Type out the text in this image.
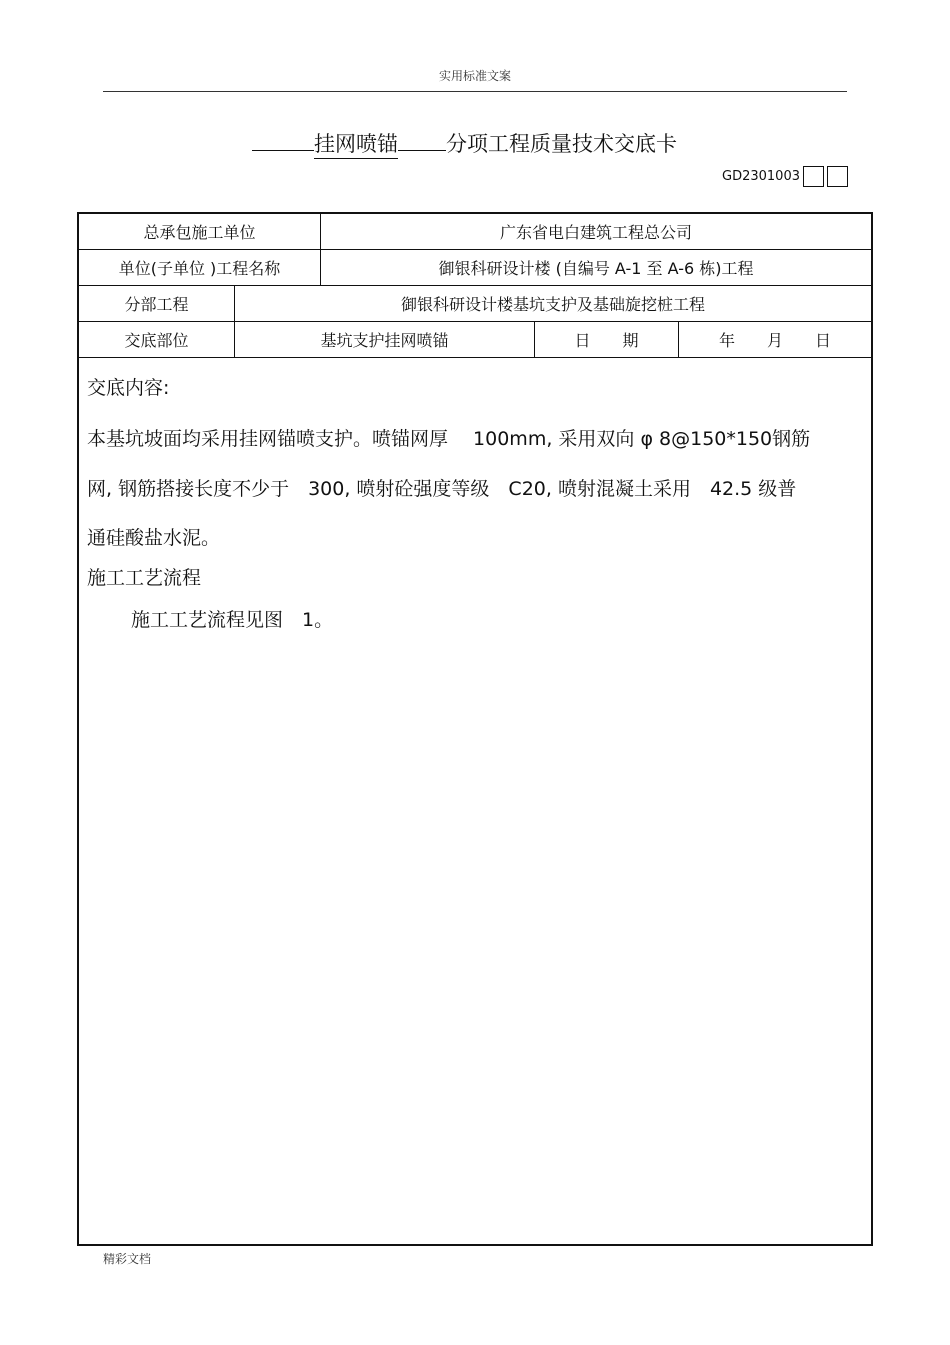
实用标准文案
挂网喷锚 分项工程质量技术交底卡
GD2301003
总承包施工单位	广东省电白建筑工程总公司
单位(子单位 )工程名称	御银科研设计楼 (自编号 A-1 至 A-6 栋)工程
分部工程	御银科研设计楼基坑支护及基础旋挖桩工程
交底部位	基坑支护挂网喷锚	日　　期	年　　月　　日

交底内容:

本基坑坡面均采用挂网锚喷支护。喷锚网厚　 100mm, 采用双向 φ 8@150*150钢筋

网, 钢筋搭接长度不少于　300, 喷射砼强度等级　C20, 喷射混凝土采用　42.5 级普

通硅酸盐水泥。

施工工艺流程

施工工艺流程见图　1。

精彩文档
